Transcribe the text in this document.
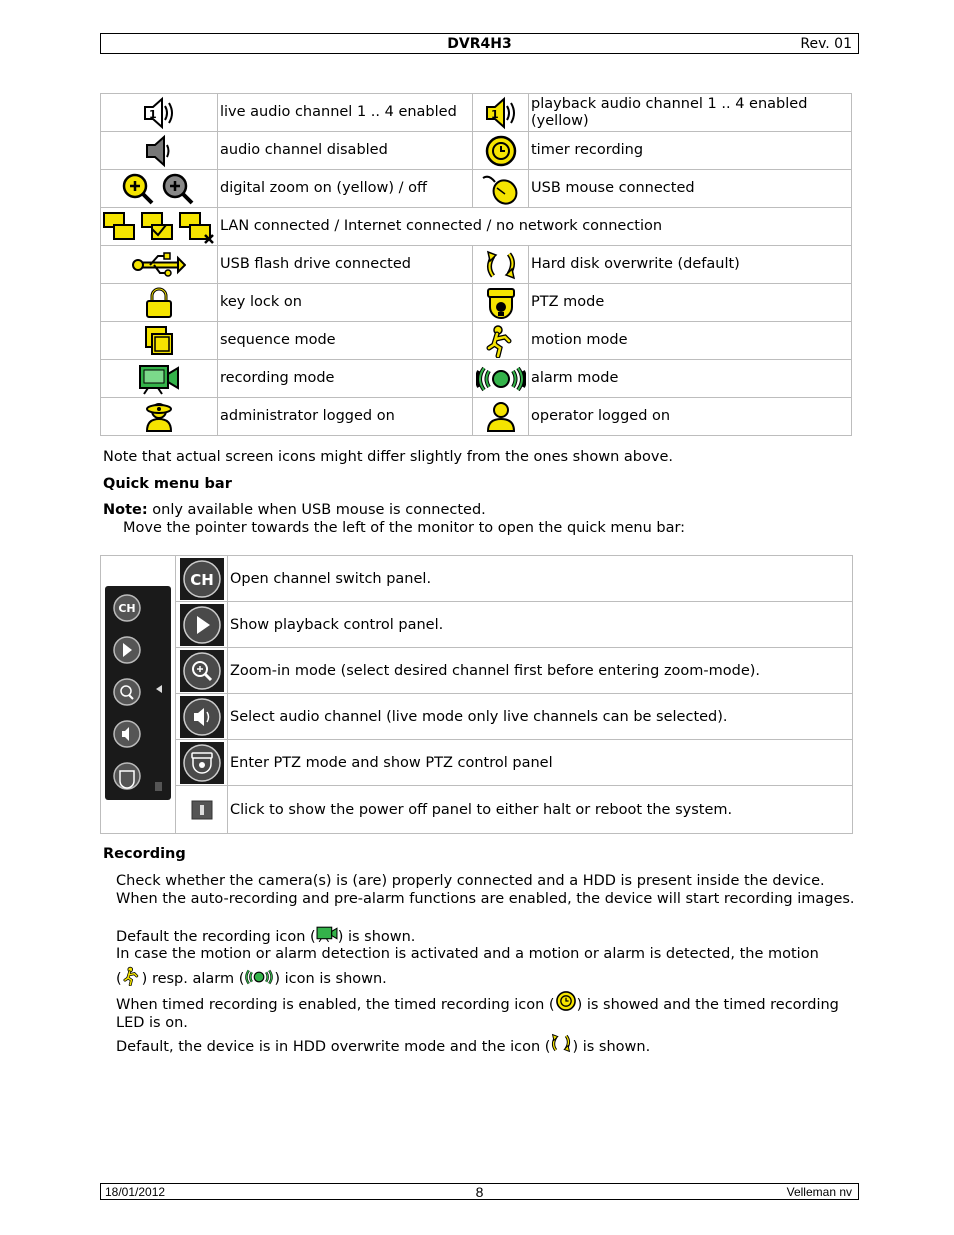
DVR4H3	Rev. 01
1	live audio channel 1 .. 4 enabled	1	playback audio channel 1 .. 4 enabled (yellow)
	audio channel disabled		timer recording
	digital zoom on (yellow) / off		USB mouse connected
	LAN connected / Internet connected / no network connection		
	USB flash drive connected		Hard disk overwrite (default)
	key lock on		PTZ mode
	sequence mode		motion mode
	recording mode		alarm mode
	administrator logged on		operator logged on
Note that actual screen icons might differ slightly from the ones shown above.
Quick menu bar
Note: only available when USB mouse is connected.
Move the pointer towards the left of the monitor to open the quick menu bar:
CH	CH	Open channel switch panel.
	Show playback control panel.
	Zoom-in mode (select desired channel first before entering zoom-mode).
	Select audio channel (live mode only live channels can be selected).
	Enter PTZ mode and show PTZ control panel
	Click to show the power off panel to either halt or reboot the system.
Recording
Check whether the camera(s) is (are) properly connected and a HDD is present inside the device. When the auto-recording and pre-alarm functions are enabled, the device will start recording images.
Default the recording icon ( ) is shown.
In case the motion or alarm detection is activated and a motion or alarm is detected, the motion
( ) resp. alarm ( ) icon is shown.
When timed recording is enabled, the timed recording icon ( ) is showed and the timed recording LED is on.
Default, the device is in HDD overwrite mode and the icon ( ) is shown.
18/01/2012	8	Velleman nv
